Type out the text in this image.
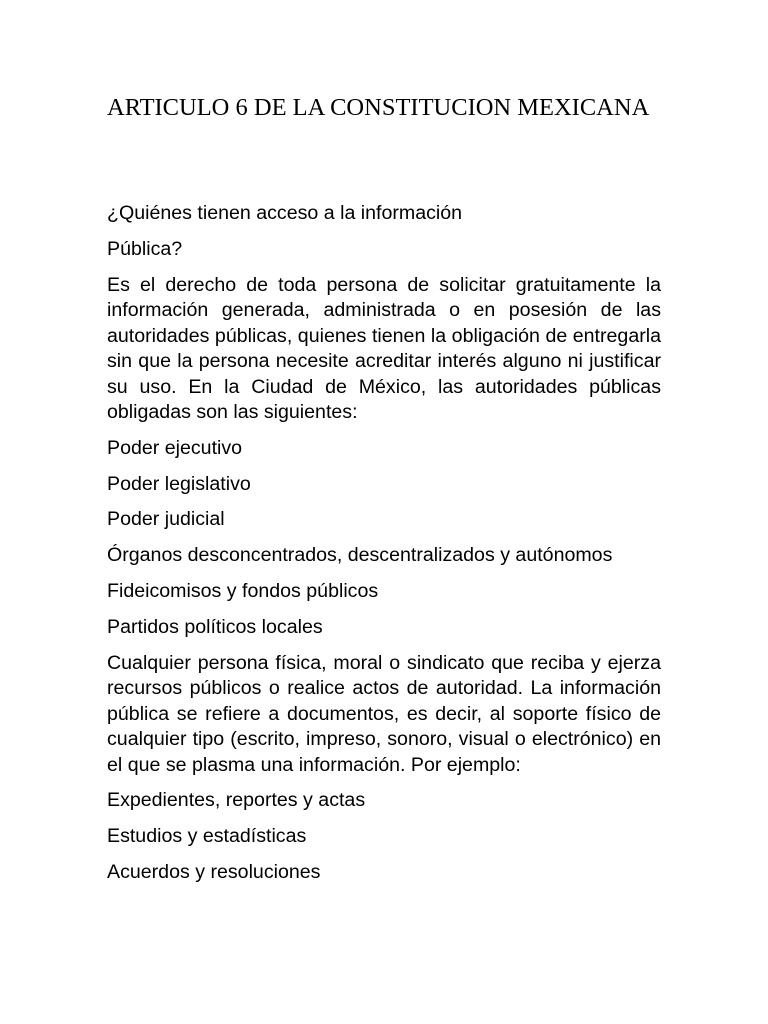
ARTICULO 6 DE LA CONSTITUCION MEXICANA

¿Quiénes tienen acceso a la información

Pública?

Es el derecho de toda persona de solicitar gratuitamente la información generada, administrada o en posesión de las autoridades públicas, quienes tienen la obligación de entregarla sin que la persona necesite acreditar interés alguno ni justificar su uso. En la Ciudad de México, las autoridades públicas obligadas son las siguientes:

Poder ejecutivo

Poder legislativo

Poder judicial

Órganos desconcentrados, descentralizados y autónomos

Fideicomisos y fondos públicos

Partidos políticos locales

Cualquier persona física, moral o sindicato que reciba y ejerza recursos públicos o realice actos de autoridad. La información pública se refiere a documentos, es decir, al soporte físico de cualquier tipo (escrito, impreso, sonoro, visual o electrónico) en el que se plasma una información. Por ejemplo:

Expedientes, reportes y actas

Estudios y estadísticas

Acuerdos y resoluciones
